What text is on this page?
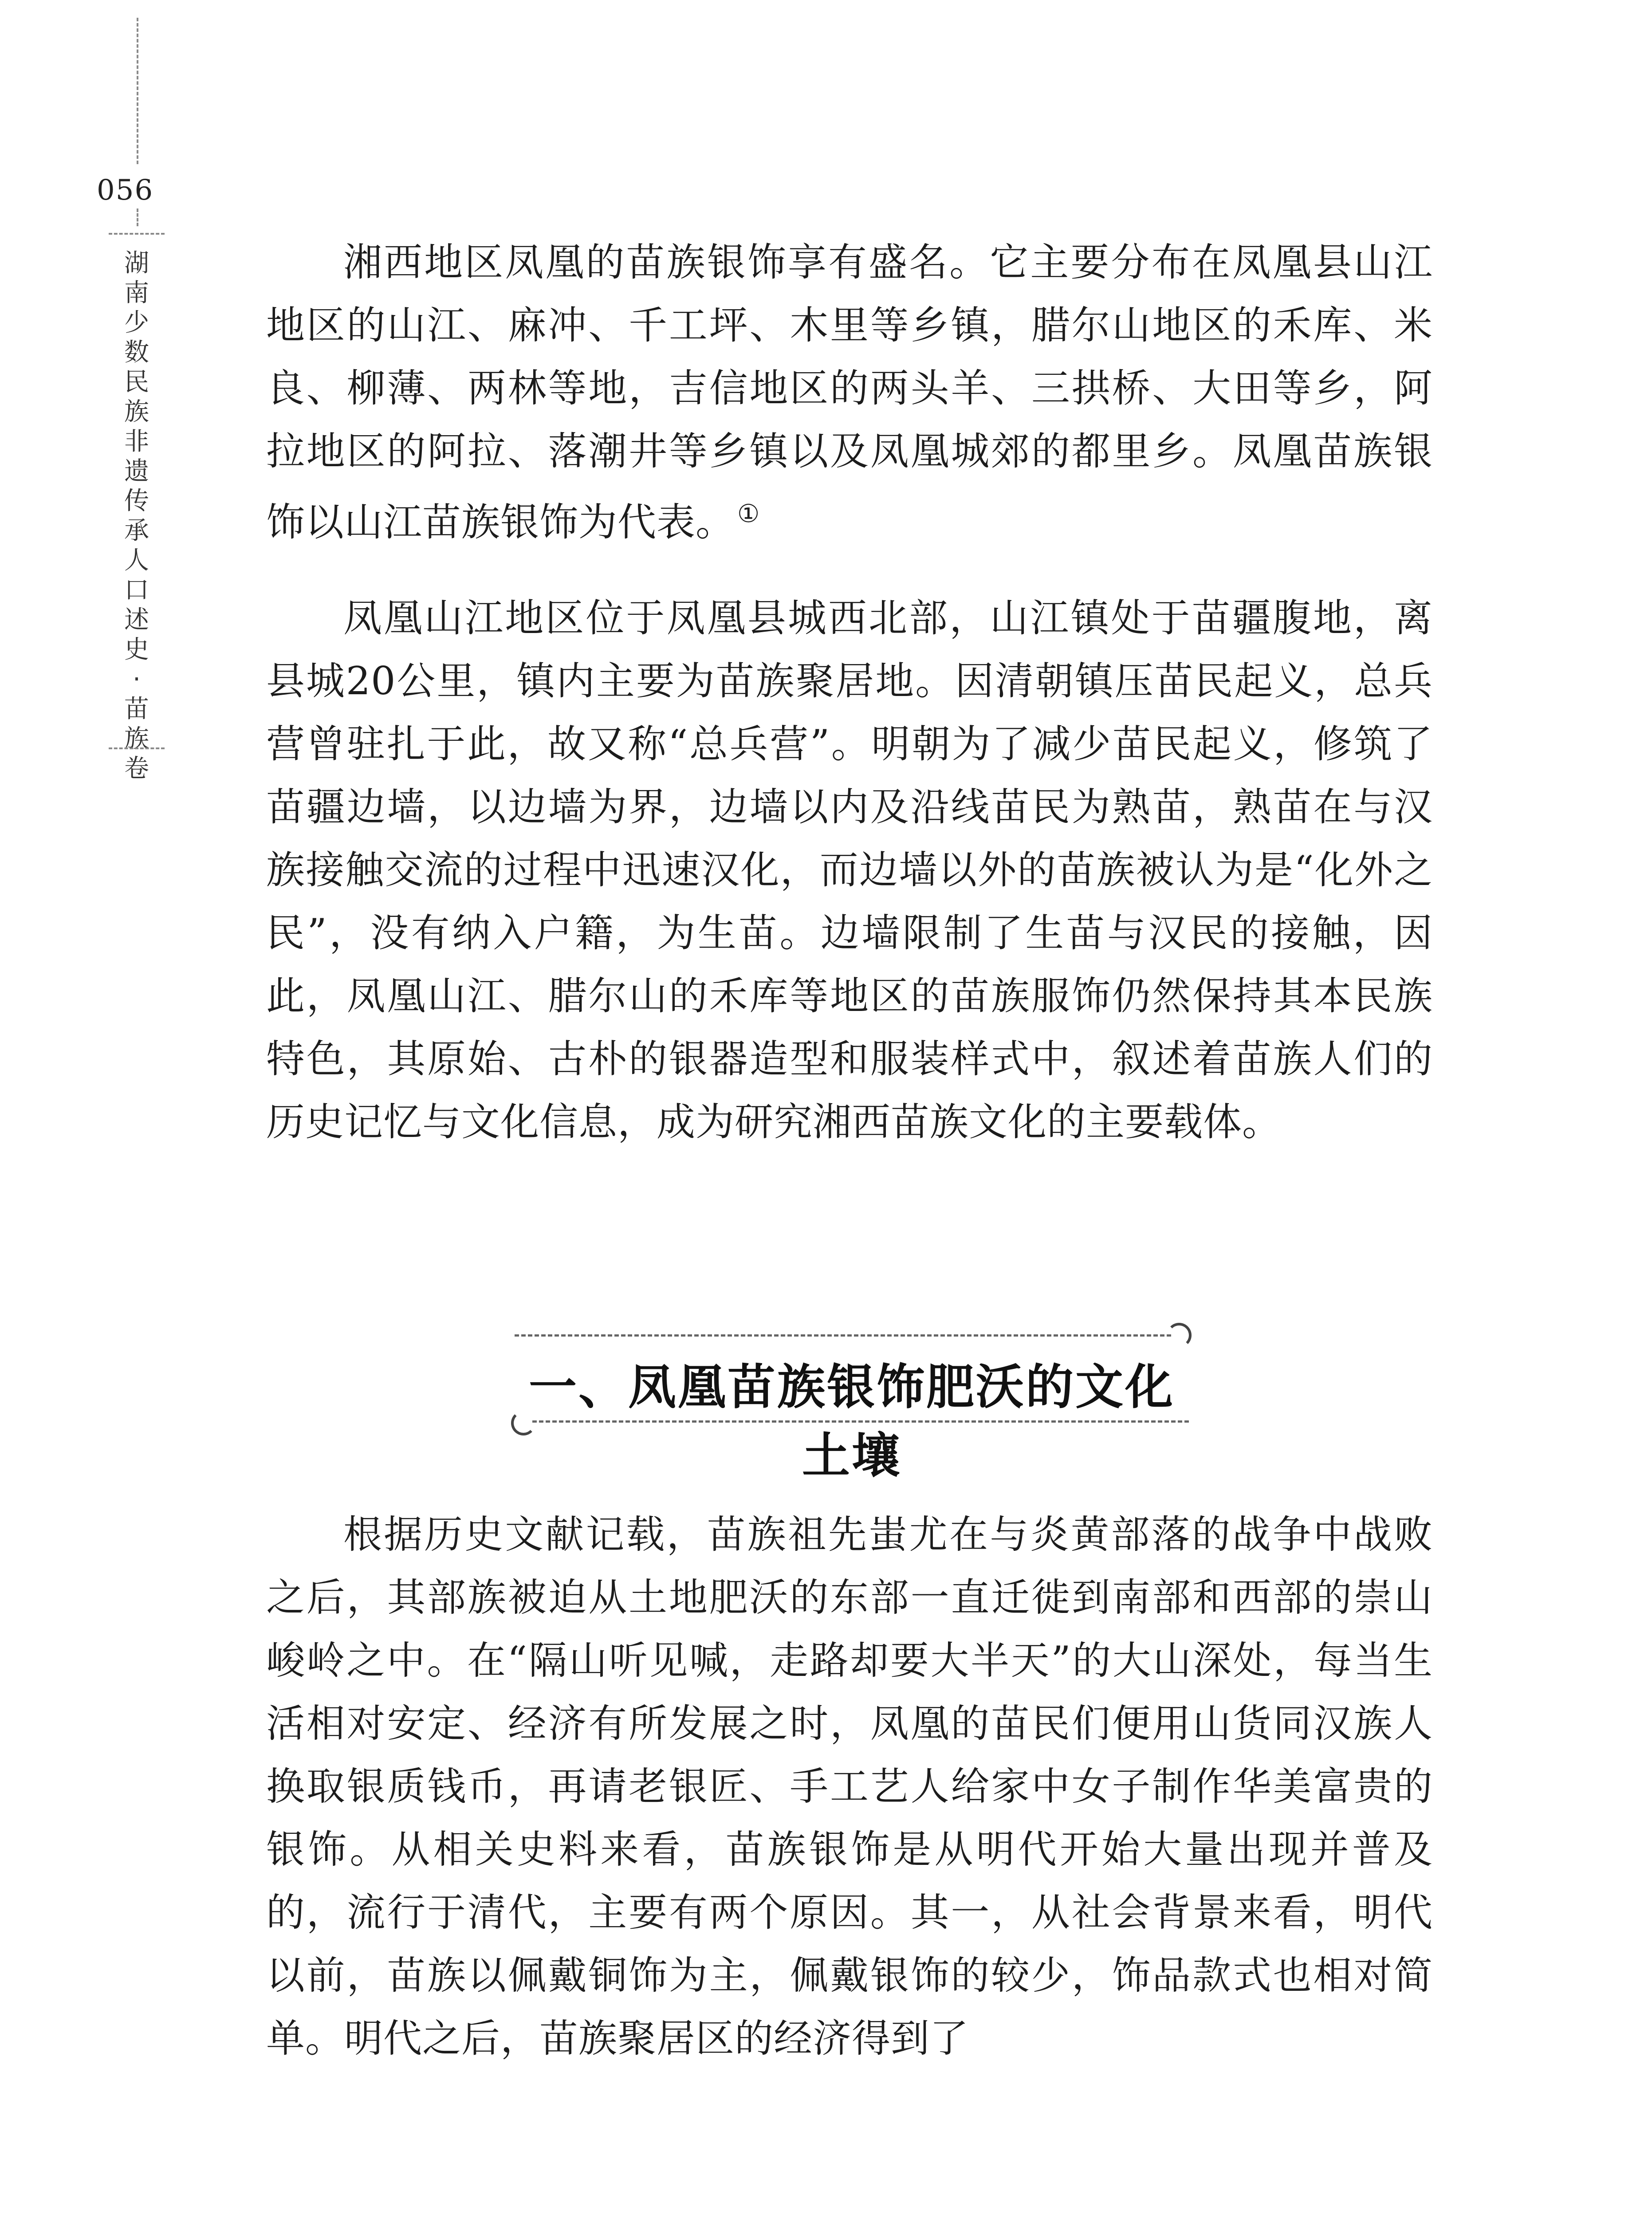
056
湖南少数民族非遗传承人口述史·苗族卷

湘西地区凤凰的苗族银饰享有盛名。它主要分布在凤凰县山江地区的山江、麻冲、千工坪、木里等乡镇，腊尔山地区的禾库、米良、柳薄、两林等地，吉信地区的两头羊、三拱桥、大田等乡，阿拉地区的阿拉、落潮井等乡镇以及凤凰城郊的都里乡。凤凰苗族银饰以山江苗族银饰为代表。 ①

凤凰山江地区位于凤凰县城西北部，山江镇处于苗疆腹地，离县城20公里，镇内主要为苗族聚居地。因清朝镇压苗民起义，总兵营曾驻扎于此，故又称“总兵营”。明朝为了减少苗民起义，修筑了苗疆边墙，以边墙为界，边墙以内及沿线苗民为熟苗，熟苗在与汉族接触交流的过程中迅速汉化，而边墙以外的苗族被认为是“化外之民”，没有纳入户籍，为生苗。边墙限制了生苗与汉民的接触，因此，凤凰山江、腊尔山的禾库等地区的苗族服饰仍然保持其本民族特色，其原始、古朴的银器造型和服装样式中，叙述着苗族人们的历史记忆与文化信息，成为研究湘西苗族文化的主要载体。

一、凤凰苗族银饰肥沃的文化土壤

根据历史文献记载，苗族祖先蚩尤在与炎黄部落的战争中战败之后，其部族被迫从土地肥沃的东部一直迁徙到南部和西部的崇山峻岭之中。在“隔山听见喊，走路却要大半天”的大山深处，每当生活相对安定、经济有所发展之时，凤凰的苗民们便用山货同汉族人换取银质钱币，再请老银匠、手工艺人给家中女子制作华美富贵的银饰。从相关史料来看，苗族银饰是从明代开始大量出现并普及的，流行于清代，主要有两个原因。其一，从社会背景来看，明代以前，苗族以佩戴铜饰为主，佩戴银饰的较少，饰品款式也相对简单。明代之后，苗族聚居区的经济得到了
